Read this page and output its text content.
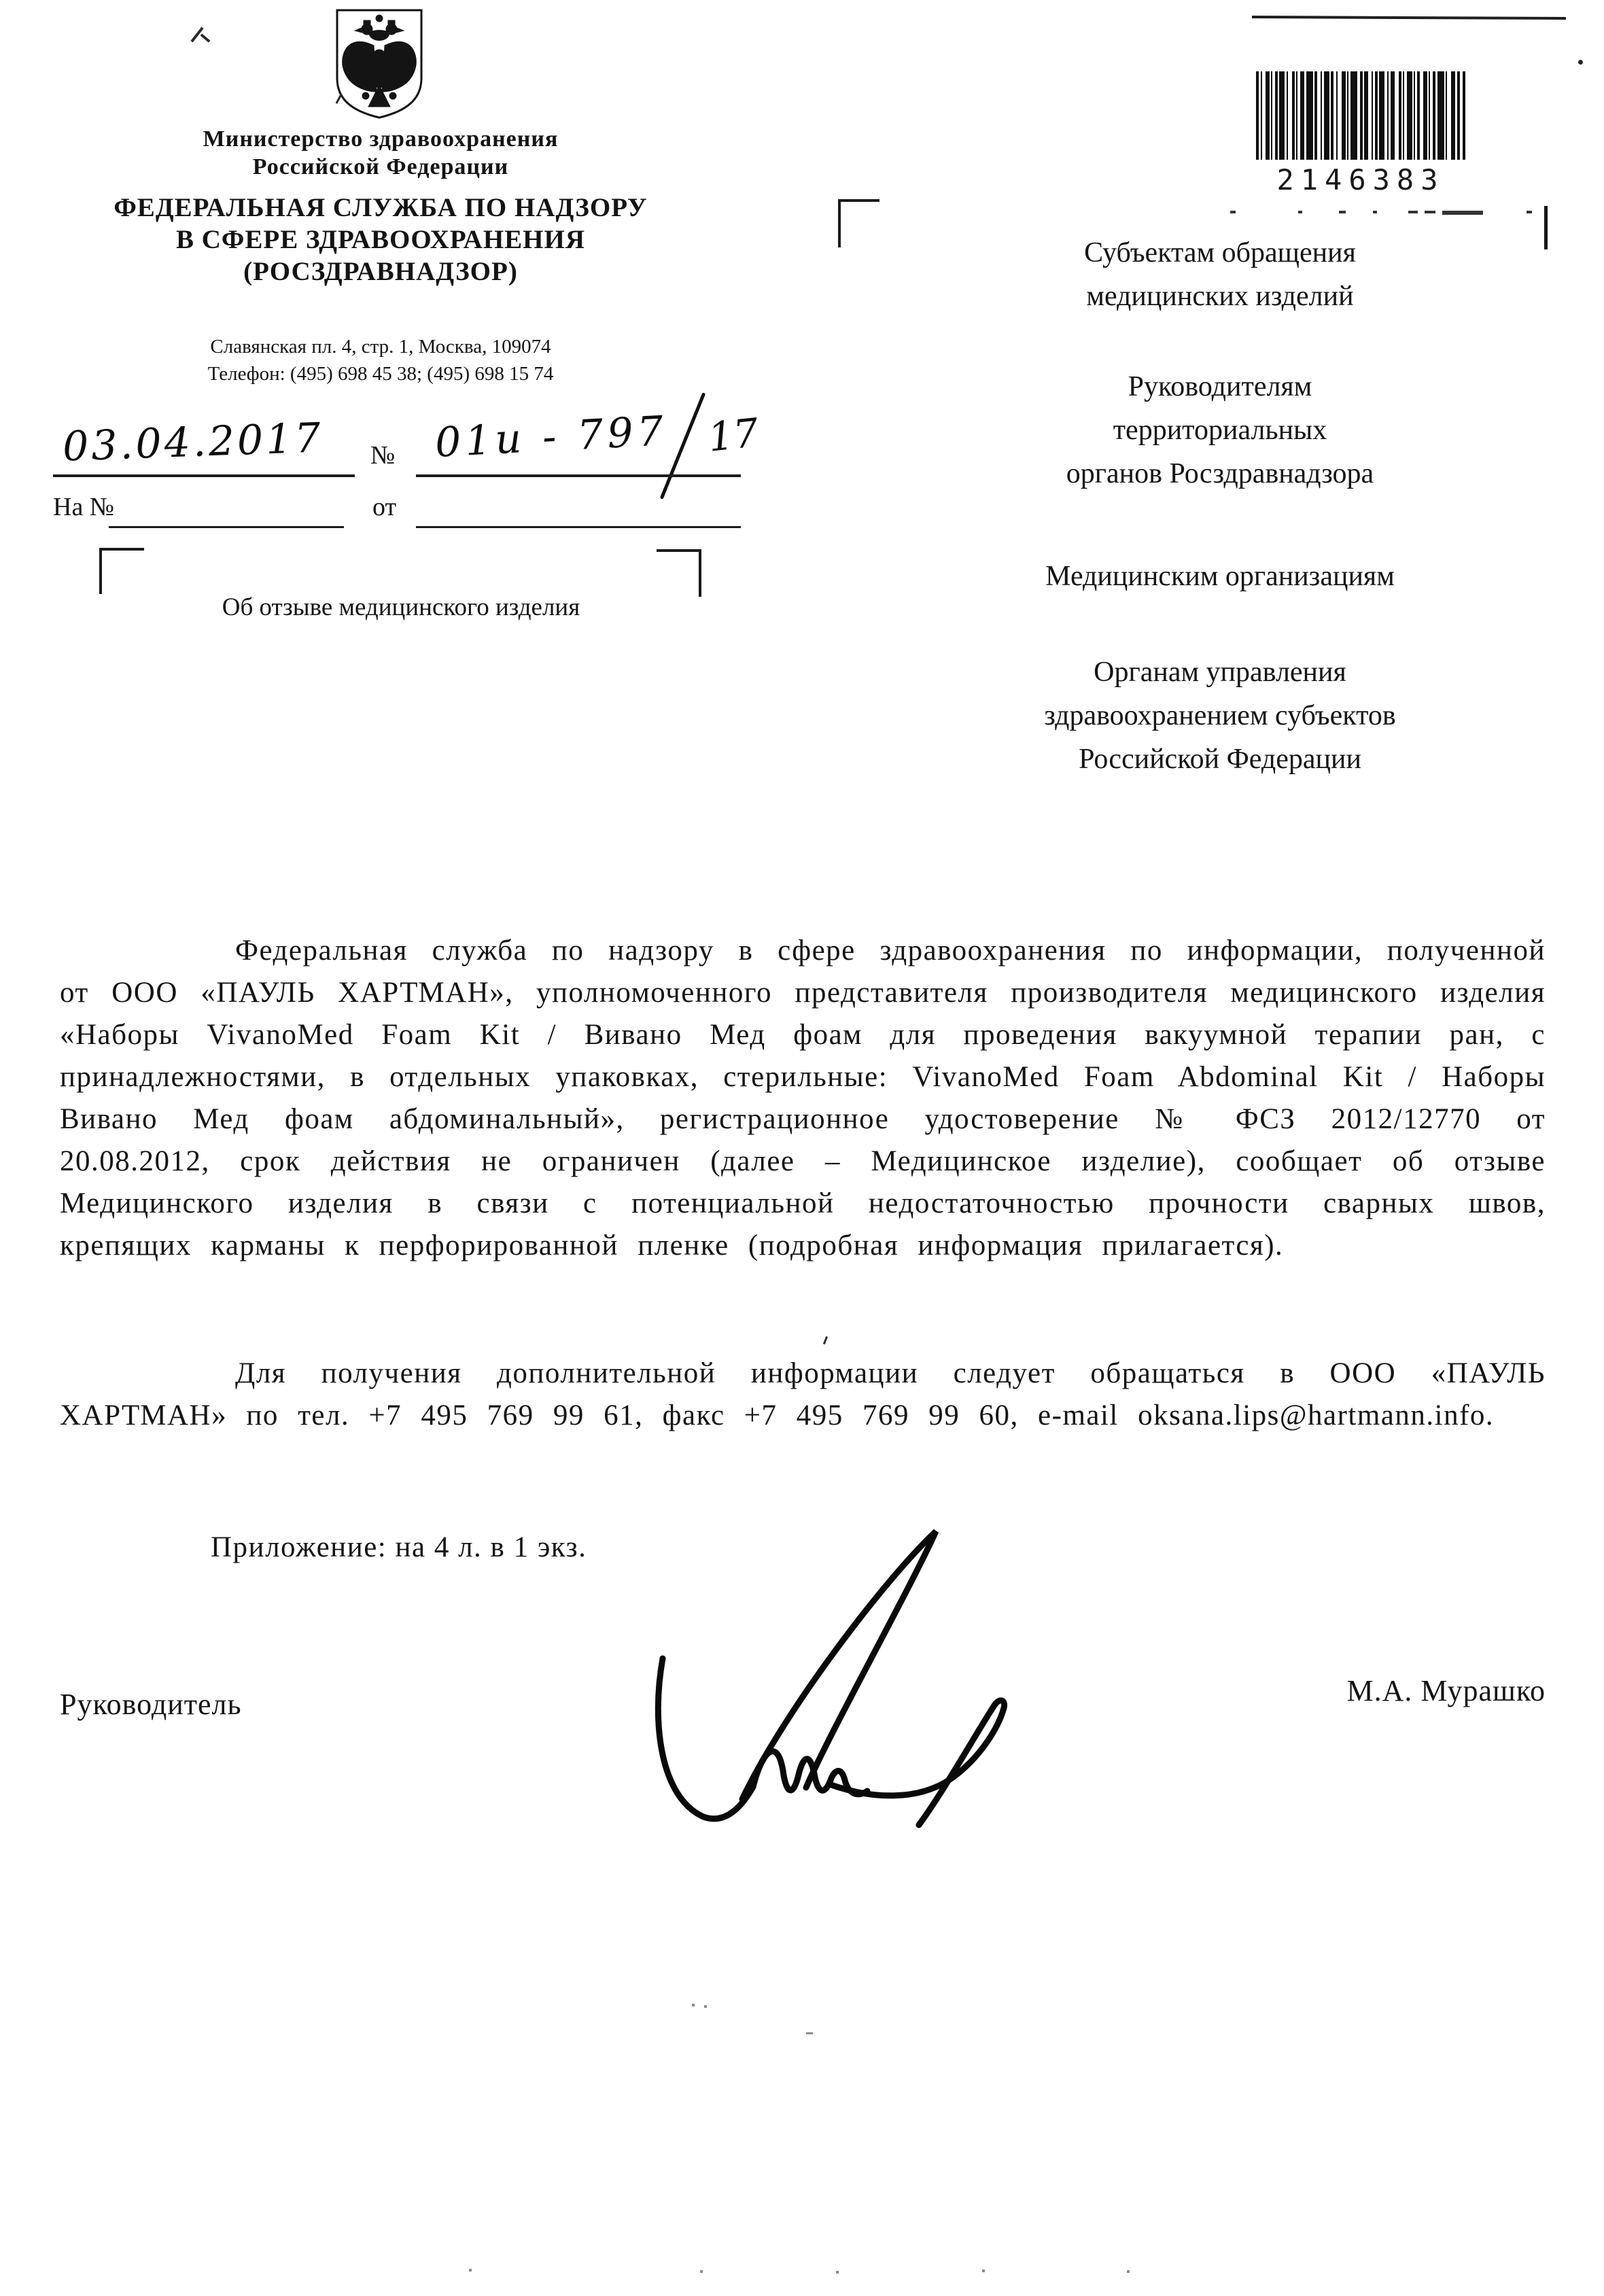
Министерство здравоохранения
Российской Федерации
ФЕДЕРАЛЬНАЯ СЛУЖБА ПО НАДЗОРУ
В СФЕРЕ ЗДРАВООХРАНЕНИЯ
(РОСЗДРАВНАДЗОР)
Славянская пл. 4, стр. 1, Москва, 109074
Телефон: (495) 698 45 38; (495) 698 15 74
03.04.2017 № 01и - 797 17
На №	от
Об отзыве медицинского изделия
2146383
Субъектам обращения
медицинских изделий
Руководителям
территориальных
органов Росздравнадзора
Медицинским организациям
Органам управления
здравоохранением субъектов
Российской Федерации
Федеральная служба по надзору в сфере здравоохранения по информации, полученной от ООО «ПАУЛЬ ХАРТМАН», уполномоченного представителя производителя медицинского изделия «Наборы VivanoMed Foam Kit / Вивано Мед фоам для проведения вакуумной терапии ран, с принадлежностями, в отдельных упаковках, стерильные: VivanoMed Foam Abdominal Kit / Наборы Вивано Мед фоам абдоминальный», регистрационное удостоверение № ФСЗ 2012/12770 от 20.08.2012, срок действия не ограничен (далее – Медицинское изделие), сообщает об отзыве Медицинского изделия в связи с потенциальной недостаточностью прочности сварных швов, крепящих карманы к перфорированной пленке (подробная информация прилагается).
Для получения дополнительной информации следует обращаться в ООО «ПАУЛЬ ХАРТМАН» по тел. +7 495 769 99 61, факс +7 495 769 99 60, e-mail oksana.lips@hartmann.info.
Приложение: на 4 л. в 1 экз.
Руководитель	М.А. Мурашко
